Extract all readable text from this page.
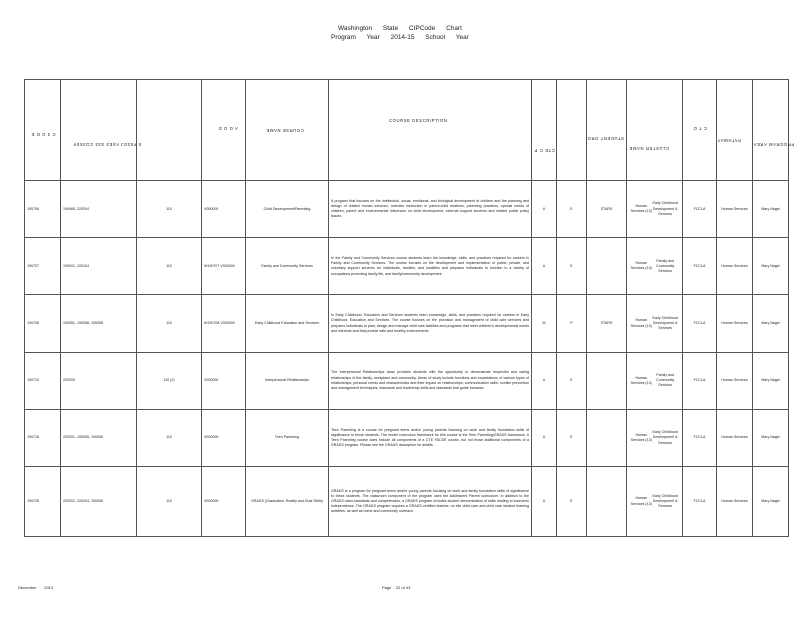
Washington State CIPCode Chart
Program Year 2014-15 School Year
C 3 O D E	S #S3OJ ASE3 S33 CO3SE#		A G O D	COURSE NAME	COURSE DESCRIPTION	CTE C P		STUDENT ORG	CLUSTER NAME	C T O	PATHWAY	PROGRAM AREA

190706	190965, 220204	110	V000000	Child Development/Parenting	A program that focuses on the intellectual, social, emotional, and biological development of children and the planning and design of related human services. Includes instruction in parent-child relations, parenting practices, special needs of children, parent and environmental influences on child development, external support services and related public policy issues.	U	E	STARS	Human Services (13)Early Childhood Development & Services	FCCLA	Human Services	Mary Nagel
190707	190001, 220104	110	W190707 V000000	Family and Community Services	In the Family and Community Services course students learn the knowledge, skills, and practices required for careers in Family and Community Services. The course focuses on the development and implementation of public, private, and voluntary support services for individuals, families, and localities and prepares individuals to function in a variety of occupations promoting family life, and family/community development.	U	E		Human Services (13)Family and Community Services	FCCLA	Human Services	Mary Nagel
190708	190051, 190058, 190058	110	W190708 V000000	Early Childhood Education and Services	In Early Childhood, Education and Services students learn knowledge, skills, and practices required for careers in Early Childhood, Education and Services. The course focuses on the provision and management of child care services and prepares individuals to plan, design and manage child care facilities and programs that meet children's developmental needs and interests and that provide safe and healthy environments.	M	P	STARS	Human Services (13)Early Childhood Development & Services	FCCLA	Human Services	Mary Nagel
190710	220209	110 (2)	V000000	Interpersonal Relationships	The Interpersonal Relationships class provides students with the opportunity to demonstrate respectful and caring relationships in the family, workplace and community. Areas of study include functions and expectations of various types of relationships; personal needs and characteristics and their impact on relationships; communication skills; conflict prevention and management techniques; teamwork and leadership skills and standards that guide behavior.	U	E		Human Services (13)Family and Community Services	FCCLA	Human Services	Mary Nagel
190716	220201, 190055, 190055	110	V000000	Teen Parenting	Teen Parenting is a course for pregnant teens and/or young parents focusing on work and family foundation skills of significance to these students. The model curriculum framework for this course is the Teen Parenting/GRADS framework. A Teen Parenting course does include all components of a CTE FACSE course, but not those additional components of a GRADS program. Please see the GRADS description for details.	U	E		Human Services (13)Early Childhood Development & Services	FCCLA	Human Services	Mary Nagel
190726	220201, 220204, 190055	110	V000000	GRADS (Graduation, Reality and Dual Skills)	GRADS is a program for pregnant teens and/or young parents focusing on work and family foundation skills of significance to these students. The classroom component of the program uses the Adolescent Parent curriculum. In addition to the GRADS class standards and competencies, a GRADS program includes student demonstration of skills leading to economic independence. The GRADS program requires a GRADS certified teacher, on site child care and child care student learning activities, as well as home and community outreach.	U	E		Human Services (13)Early Childhood Development & Services	FCCLA	Human Services	Mary Nagel
December 2013	Page 22 of 43
